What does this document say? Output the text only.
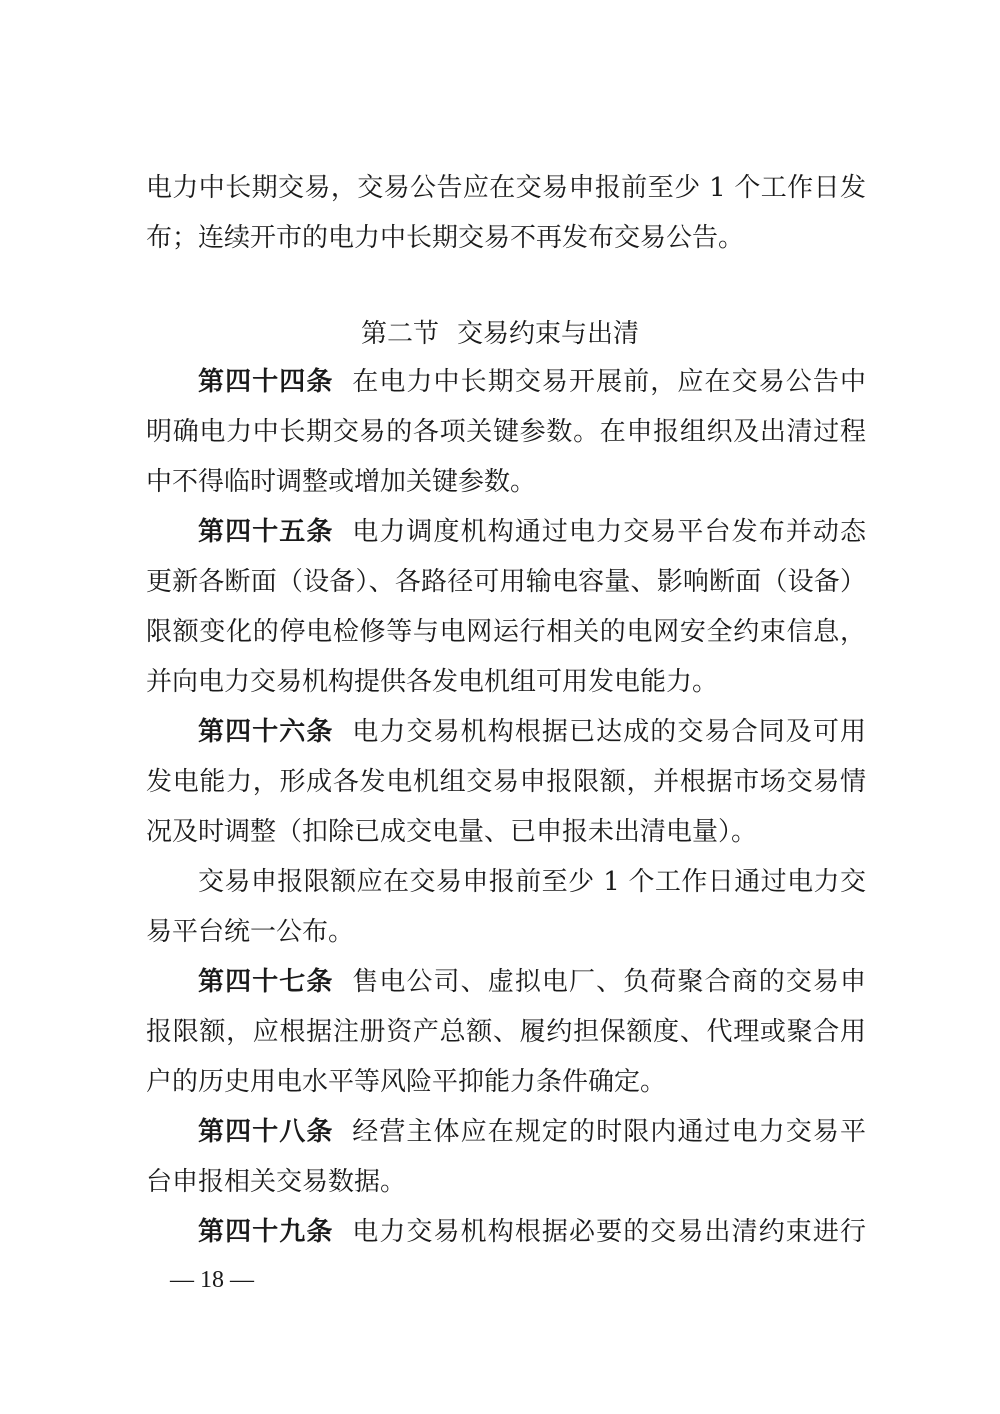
电力中长期交易，交易公告应在交易申报前至少 1 个工作日发
布；连续开市的电力中长期交易不再发布交易公告。
第二节 交易约束与出清
第四十四条 在电力中长期交易开展前，应在交易公告中
明确电力中长期交易的各项关键参数。在申报组织及出清过程
中不得临时调整或增加关键参数。
第四十五条 电力调度机构通过电力交易平台发布并动态
更新各断面（设备）、各路径可用输电容量、影响断面（设备）
限额变化的停电检修等与电网运行相关的电网安全约束信息，
并向电力交易机构提供各发电机组可用发电能力。
第四十六条 电力交易机构根据已达成的交易合同及可用
发电能力，形成各发电机组交易申报限额，并根据市场交易情
况及时调整（扣除已成交电量、已申报未出清电量）。
交易申报限额应在交易申报前至少 1 个工作日通过电力交
易平台统一公布。
第四十七条 售电公司、虚拟电厂、负荷聚合商的交易申
报限额，应根据注册资产总额、履约担保额度、代理或聚合用
户的历史用电水平等风险平抑能力条件确定。
第四十八条 经营主体应在规定的时限内通过电力交易平
台申报相关交易数据。
第四十九条 电力交易机构根据必要的交易出清约束进行
— 18 —
